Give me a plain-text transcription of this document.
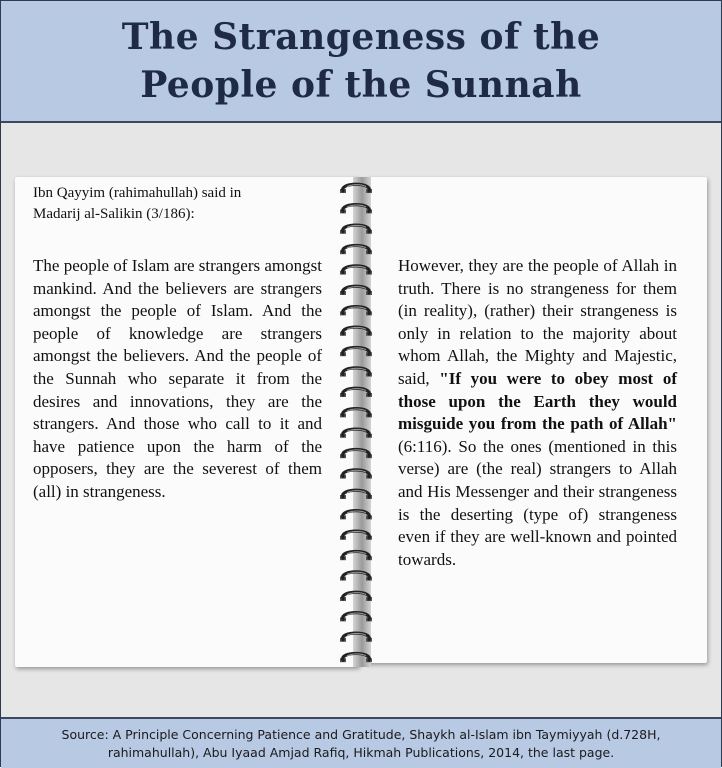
The Strangeness of the
People of the Sunnah
Ibn Qayyim (rahimahullah) said in
Madarij al-Salikin (3/186):
The people of Islam are strangers amongst mankind. And the believers are strangers amongst the people of Islam. And the people of knowledge are strangers amongst the believers. And the people of the Sunnah who separate it from the desires and innovations, they are the strangers. And those who call to it and have patience upon the harm of the opposers, they are the severest of them (all) in strangeness.
However, they are the people of Allah in truth. There is no strangeness for them (in reality), (rather) their strangeness is only in relation to the majority about whom Allah, the Mighty and Majestic, said, "If you were to obey most of those upon the Earth they would misguide you from the path of Allah" (6:116). So the ones (mentioned in this verse) are (the real) strangers to Allah and His Messenger and their strangeness is the deserting (type of) strangeness even if they are well-known and pointed towards.
Source: A Principle Concerning Patience and Gratitude, Shaykh al-Islam ibn Taymiyyah (d.728H,
rahimahullah), Abu Iyaad Amjad Rafiq, Hikmah Publications, 2014, the last page.
